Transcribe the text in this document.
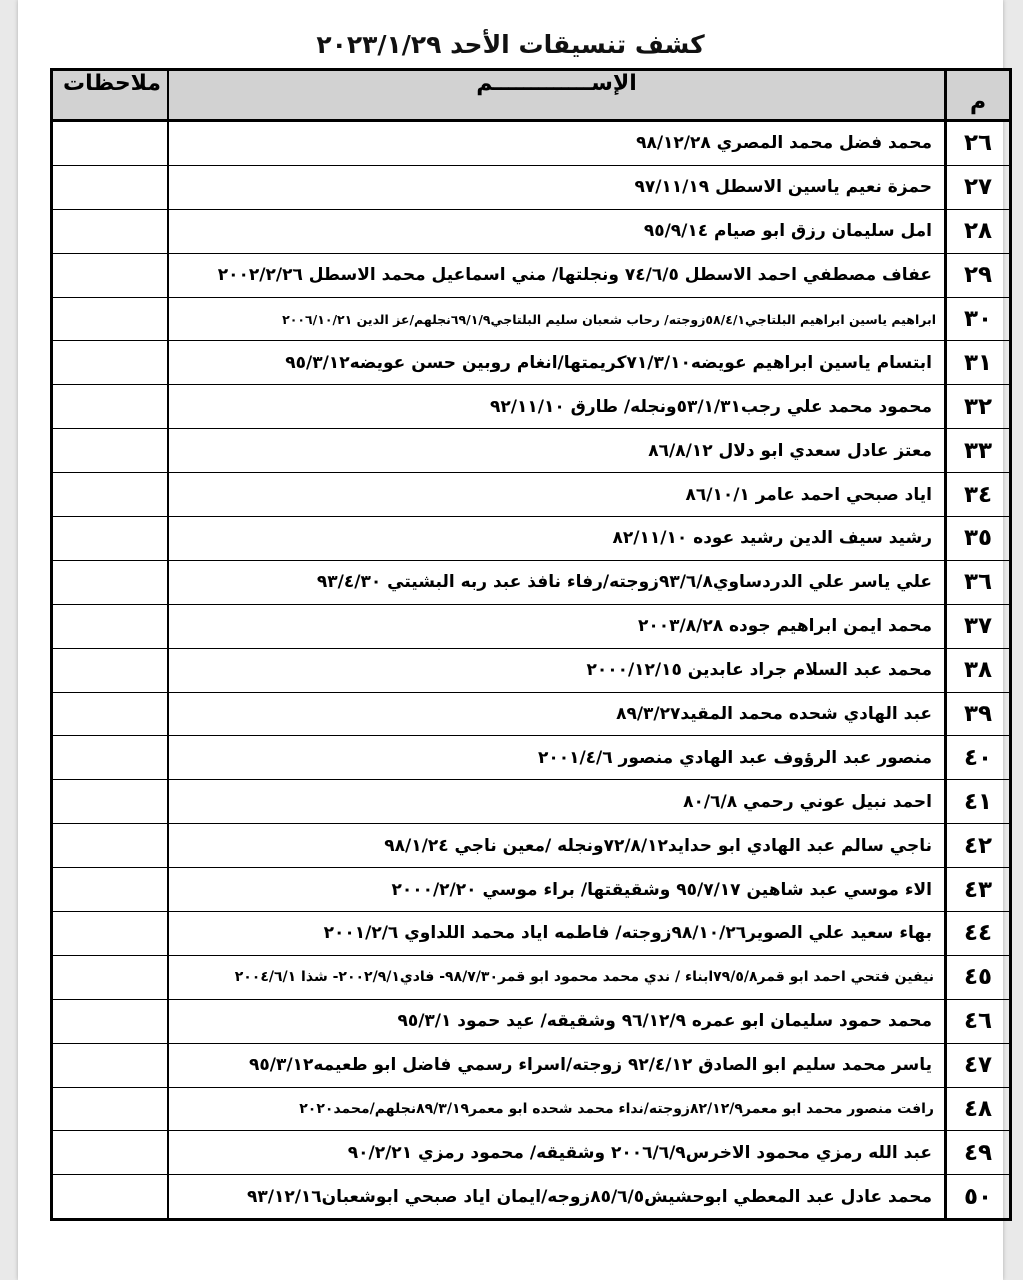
كشف تنسيقات الأحد ٢٠٢٣/١/٢٩
م	الإســـــــــــــم	ملاحظات
٢٦	محمد فضل محمد المصري ٩٨/١٢/٢٨	
٢٧	حمزة نعيم ياسين الاسطل ٩٧/١١/١٩	
٢٨	امل سليمان رزق ابو صيام ٩٥/٩/١٤	
٢٩	عفاف مصطفي احمد الاسطل ٧٤/٦/٥ ونجلتها/ مني اسماعيل محمد الاسطل ٢٠٠٢/٢/٢٦	
٣٠	ابراهيم ياسين ابراهيم البلتاجي٥٨/٤/١زوجته/ رحاب شعبان سليم البلتاجي٦٩/١/٩نجلهم/عز الدين ٢٠٠٦/١٠/٢١	
٣١	ابتسام ياسين ابراهيم عويضه٧١/٣/١٠كريمتها/انغام روبين حسن عويضه٩٥/٣/١٢	
٣٢	محمود محمد علي رجب٥٣/١/٣١ونجله/ طارق ٩٢/١١/١٠	
٣٣	معتز عادل سعدي ابو دلال ٨٦/٨/١٢	
٣٤	اياد صبحي احمد عامر ٨٦/١٠/١	
٣٥	رشيد سيف الدين رشيد عوده ٨٢/١١/١٠	
٣٦	علي ياسر علي الدردساوي٩٣/٦/٨زوجته/رفاء نافذ عبد ربه البشيتي ٩٣/٤/٣٠	
٣٧	محمد ايمن ابراهيم جوده ٢٠٠٣/٨/٢٨	
٣٨	محمد عبد السلام جراد عابدين ٢٠٠٠/١٢/١٥	
٣٩	عبد الهادي شحده محمد المقيد٨٩/٣/٢٧	
٤٠	منصور عبد الرؤوف عبد الهادي منصور ٢٠٠١/٤/٦	
٤١	احمد نبيل عوني رحمي ٨٠/٦/٨	
٤٢	ناجي سالم عبد الهادي ابو حدايد٧٢/٨/١٢ونجله /معين ناجي ٩٨/١/٢٤	
٤٣	الاء موسي عبد شاهين ٩٥/٧/١٧ وشقيقتها/ براء موسي ٢٠٠٠/٢/٢٠	
٤٤	بهاء سعيد علي الصوير٩٨/١٠/٢٦زوجته/ فاطمه اياد محمد اللداوي ٢٠٠١/٢/٦	
٤٥	نيفين فتحي احمد ابو قمر٧٩/٥/٨ابناء / ندي محمد محمود ابو قمر٩٨/٧/٣٠- فادي٢٠٠٢/٩/١- شذا ٢٠٠٤/٦/١	
٤٦	محمد حمود سليمان ابو عمره ٩٦/١٢/٩ وشقيقه/ عيد حمود ٩٥/٣/١	
٤٧	ياسر محمد سليم ابو الصادق ٩٢/٤/١٢ زوجته/اسراء رسمي فاضل ابو طعيمه٩٥/٣/١٢	
٤٨	رافت منصور محمد ابو معمر٨٢/١٢/٩زوجته/نداء محمد شحده ابو معمر٨٩/٣/١٩نجلهم/محمد٢٠٢٠	
٤٩	عبد الله رمزي محمود الاخرس٢٠٠٦/٦/٩ وشقيقه/ محمود رمزي ٩٠/٢/٢١	
٥٠	محمد عادل عبد المعطي ابوحشيش٨٥/٦/٥زوجه/ايمان اياد صبحي ابوشعبان٩٣/١٢/١٦	
